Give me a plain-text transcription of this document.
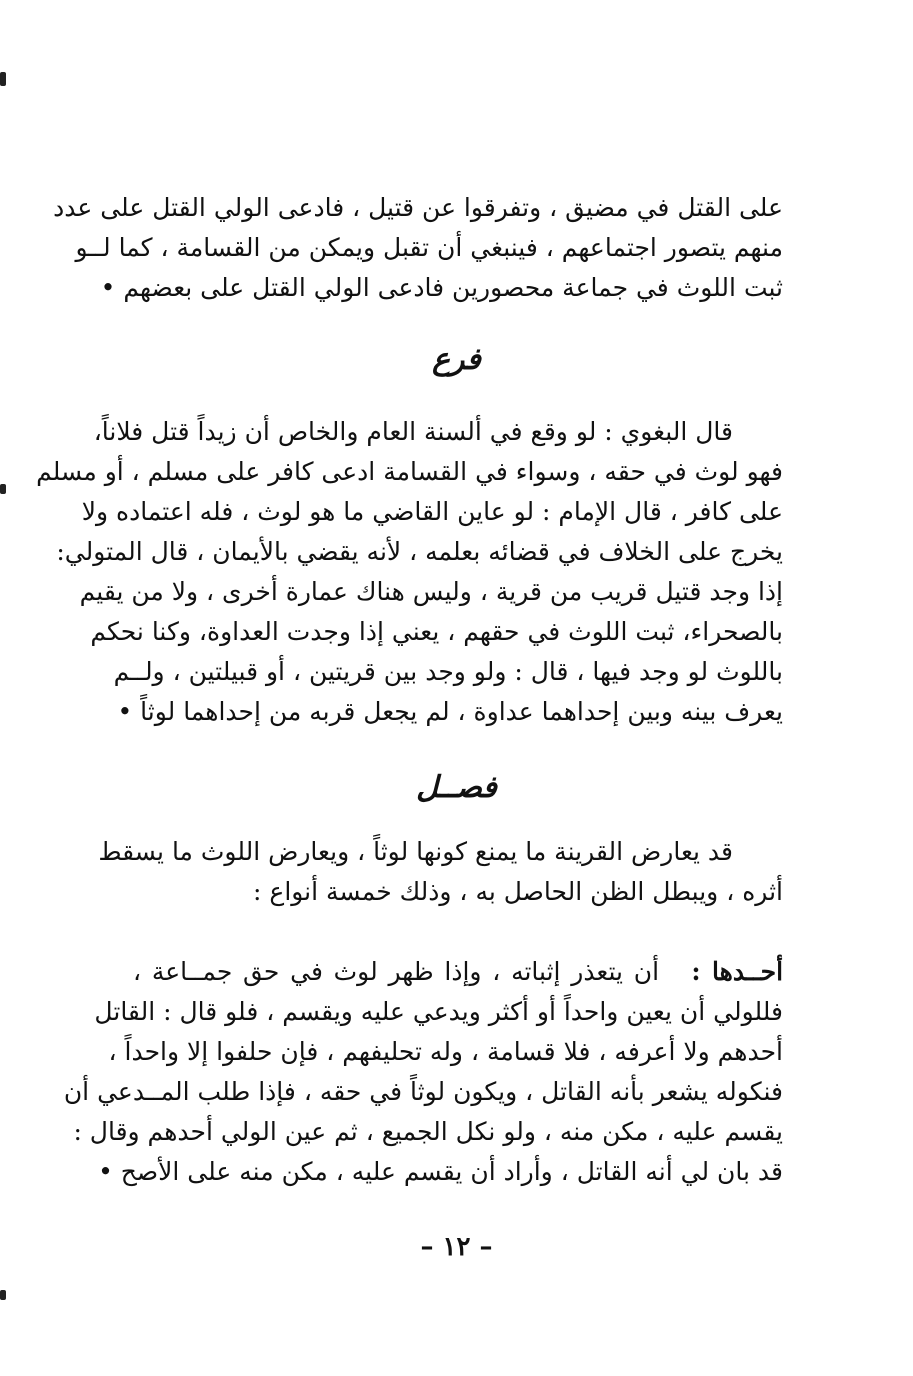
على القتل في مضيق ، وتفرقوا عن قتيل ، فادعى الولي القتل على عدد
منهم يتصور اجتماعهم ، فينبغي أن تقبل ويمكن من القسامة ، كما لــو
ثبت اللوث في جماعة محصورين فادعى الولي القتل على بعضهم •
فرع
قال البغوي : لو وقع في ألسنة العام والخاص أن زيداً قتل فلاناً،
فهو لوث في حقه ، وسواء في القسامة ادعى كافر على مسلم ، أو مسلم
على كافر ، قال الإمام : لو عاين القاضي ما هو لوث ، فله اعتماده ولا
يخرج على الخلاف في قضائه بعلمه ، لأنه يقضي بالأيمان ، قال المتولي:
إذا وجد قتيل قريب من قرية ، وليس هناك عمارة أخرى ، ولا من يقيم
بالصحراء، ثبت اللوث في حقهم ، يعني إذا وجدت العداوة، وكنا نحكم
باللوث لو وجد فيها ، قال : ولو وجد بين قريتين ، أو قبيلتين ، ولــم
يعرف بينه وبين إحداهما عداوة ، لم يجعل قربه من إحداهما لوثاً •
فصــل
قد يعارض القرينة ما يمنع كونها لوثاً ، ويعارض اللوث ما يسقط
أثره ، ويبطل الظن الحاصل به ، وذلك خمسة أنواع :
أحــدها :   أن يتعذر إثباته ، وإذا ظهر لوث في حق جمــاعة ،
فللولي أن يعين واحداً أو أكثر ويدعي عليه ويقسم ، فلو قال : القاتل
أحدهم ولا أعرفه ، فلا قسامة ، وله تحليفهم ، فإن حلفوا إلا واحداً ،
فنكوله يشعر بأنه القاتل ، ويكون لوثاً في حقه ، فإذا طلب المــدعي أن
يقسم عليه ، مكن منه ، ولو نكل الجميع ، ثم عين الولي أحدهم وقال :
قد بان لي أنه القاتل ، وأراد أن يقسم عليه ، مكن منه على الأصح •
– ١٢ –
